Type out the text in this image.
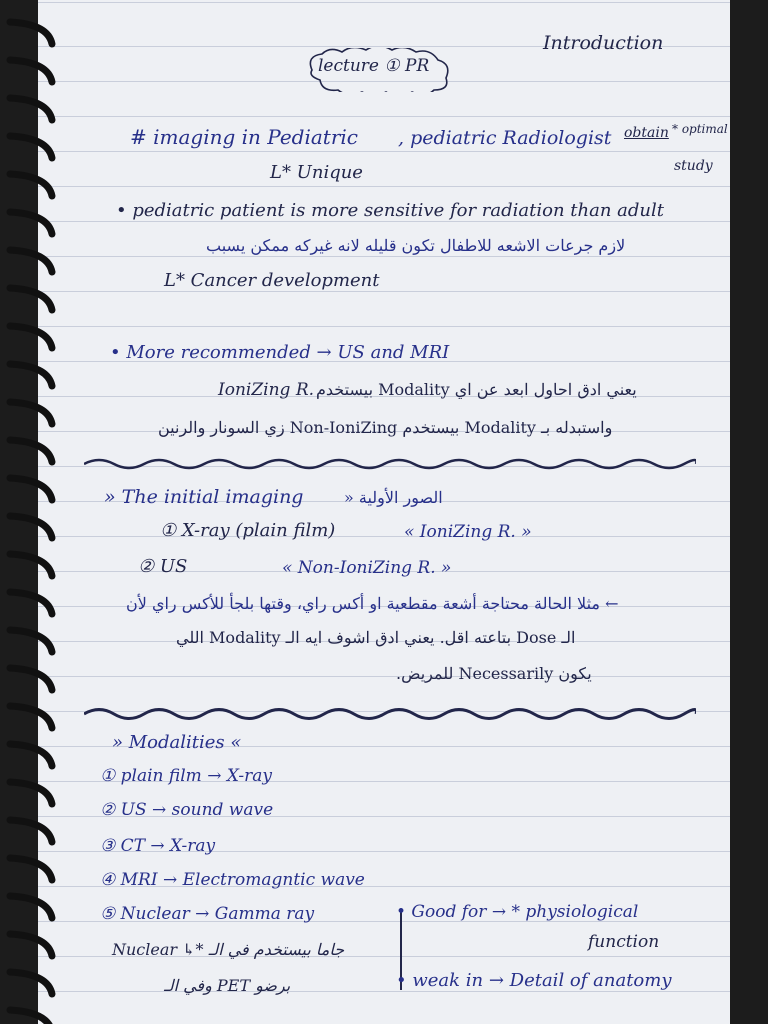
Introduction
lecture ① PR
# imaging in Pediatric , pediatric Radiologist obtain * optimal
study
L* Unique
• pediatric patient is more sensitive for radiation than adult
لازم جرعات الاشعه للاطفال تكون قليله لانه غيركه ممكن يسبب
L* Cancer development
• More recommended → US and MRI
IoniZing R. يعني ادق احاول ابعد عن اي Modality بيستخدم
واستبدله بـ Modality بيستخدم Non-IoniZing زي السونار والرنين
» The initial imaging	الصور الأولية «
① X-ray (plain film)	« IoniZing R. »
② US	« Non-IoniZing R. »
← مثلا الحالة محتاجة أشعة مقطعية او أكس راي، وقتها بلجأ للأكس راي لأن
الـ Dose بتاعته اقل. يعني ادق اشوف ايه الـ Modality اللي
يكون Necessarily للمريض.
» Modalities «
① plain film → X-ray
② US → sound wave
③ CT → X-ray
④ MRI → Electromagntic wave
⑤ Nuclear → Gamma ray
Nuclear ↳* جاما بيستخدم في الـ
وفي الـ PET برضو
• Good for → * physiological
function
• weak in → Detail of anatomy
